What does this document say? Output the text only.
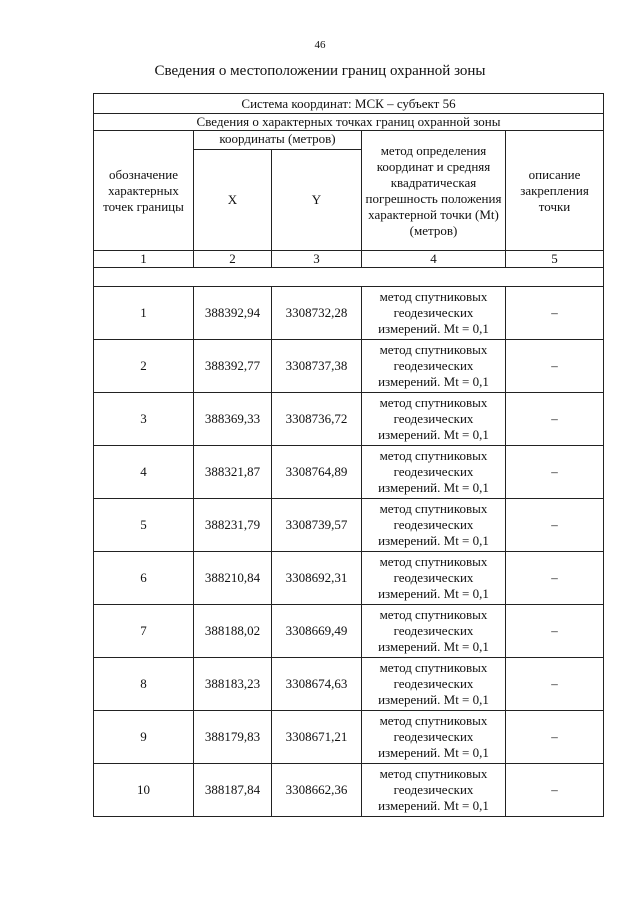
46
Сведения о местоположении границ охранной зоны
Система координат: МСК – субъект 56				
Сведения о характерных точках границ охранной зоны				
обозначение характерных точек границы	координаты (метров)		метод определения координат и средняя квадратическая погрешность положения характерной точки (Mt) (метров)	описание закрепления точки
	X	Y		
1	2	3	4	5

1	388392,94	3308732,28	метод спутниковых геодезических измерений. Mt = 0,1	–
2	388392,77	3308737,38	метод спутниковых геодезических измерений. Mt = 0,1	–
3	388369,33	3308736,72	метод спутниковых геодезических измерений. Mt = 0,1	–
4	388321,87	3308764,89	метод спутниковых геодезических измерений. Mt = 0,1	–
5	388231,79	3308739,57	метод спутниковых геодезических измерений. Mt = 0,1	–
6	388210,84	3308692,31	метод спутниковых геодезических измерений. Mt = 0,1	–
7	388188,02	3308669,49	метод спутниковых геодезических измерений. Mt = 0,1	–
8	388183,23	3308674,63	метод спутниковых геодезических измерений. Mt = 0,1	–
9	388179,83	3308671,21	метод спутниковых геодезических измерений. Mt = 0,1	–
10	388187,84	3308662,36	метод спутниковых геодезических измерений. Mt = 0,1	–
